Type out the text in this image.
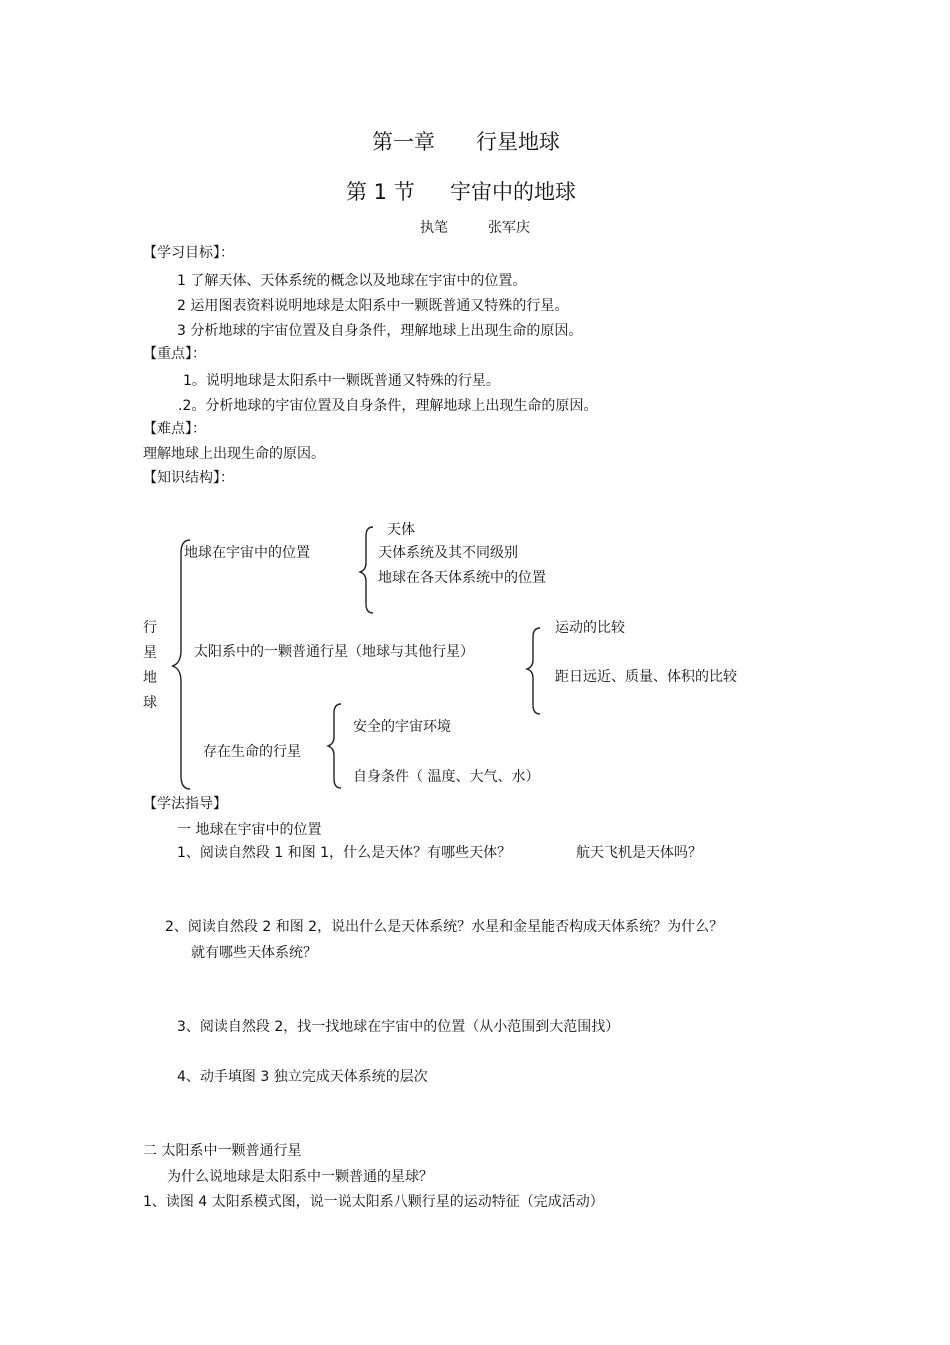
第一章 行星地球
第 1 节 宇宙中的地球
执笔	张军庆
【学习目标】：
1 了解天体、天体系统的概念以及地球在宇宙中的位置。
2 运用图表资料说明地球是太阳系中一颗既普通又特殊的行星。
3 分析地球的宇宙位置及自身条件，理解地球上出现生命的原因。
【重点】：
1。说明地球是太阳系中一颗既普通又特殊的行星。
.2。分析地球的宇宙位置及自身条件，理解地球上出现生命的原因。
【难点】：
理解地球上出现生命的原因。
【知识结构】：
行
星
地
球
地球在宇宙中的位置
天体
天体系统及其不同级别
地球在各天体系统中的位置
太阳系中的一颗普通行星（地球与其他行星）
运动的比较
距日远近、质量、体积的比较
存在生命的行星
安全的宇宙环境
自身条件（ 温度、大气、水）
【学法指导】
一 地球在宇宙中的位置
1、阅读自然段 1 和图 1，什么是天体？有哪些天体？	航天飞机是天体吗？
2、阅读自然段 2 和图 2，说出什么是天体系统？水星和金星能否构成天体系统？为什么？
就有哪些天体系统？
3、阅读自然段 2，找一找地球在宇宙中的位置（从小范围到大范围找）
4、动手填图 3 独立完成天体系统的层次
二 太阳系中一颗普通行星
为什么说地球是太阳系中一颗普通的星球？
1、读图 4 太阳系模式图，说一说太阳系八颗行星的运动特征（完成活动）
